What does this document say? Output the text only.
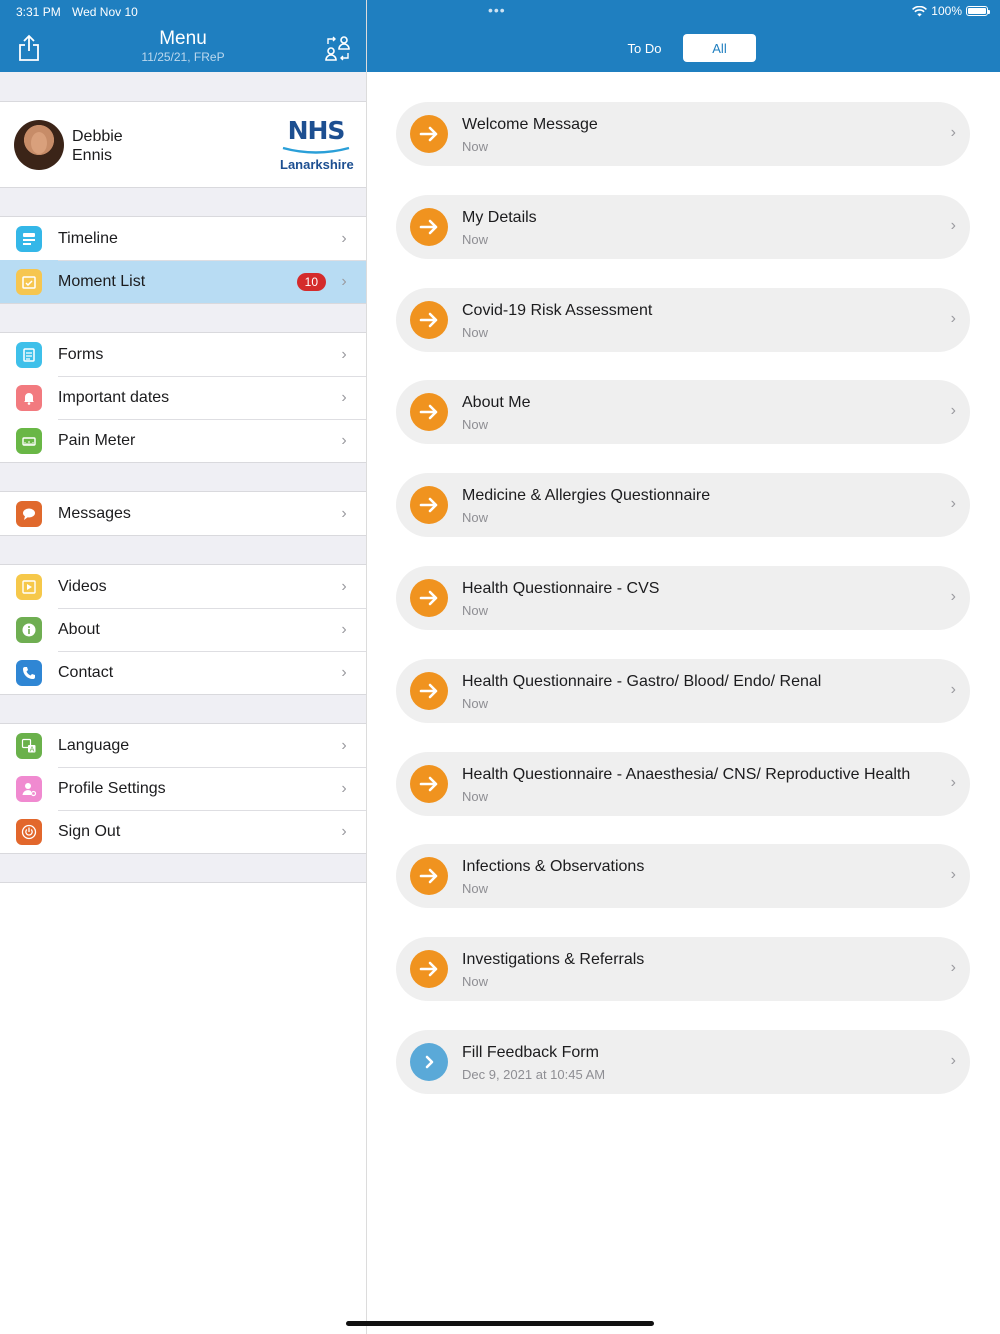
3:31 PM Wed Nov 10	•••	100%
Menu
11/25/21, FReP
To Do	All
Debbie
Ennis
NHS
Lanarkshire
Timeline	›
Moment List	10	›
Forms	›
Important dates	›
Pain Meter	›
Messages	›
Videos	›
About	›
Contact	›
A Language	›
Profile Settings	›
Sign Out	›
Welcome Message
Now
›
My Details
Now
›
Covid-19 Risk Assessment
Now
›
About Me
Now
›
Medicine & Allergies Questionnaire
Now
›
Health Questionnaire - CVS
Now
›
Health Questionnaire - Gastro/ Blood/ Endo/ Renal
Now
›
Health Questionnaire - Anaesthesia/ CNS/ Reproductive Health
Now
›
Infections & Observations
Now
›
Investigations & Referrals
Now
›
Fill Feedback Form
Dec 9, 2021 at 10:45 AM
›
